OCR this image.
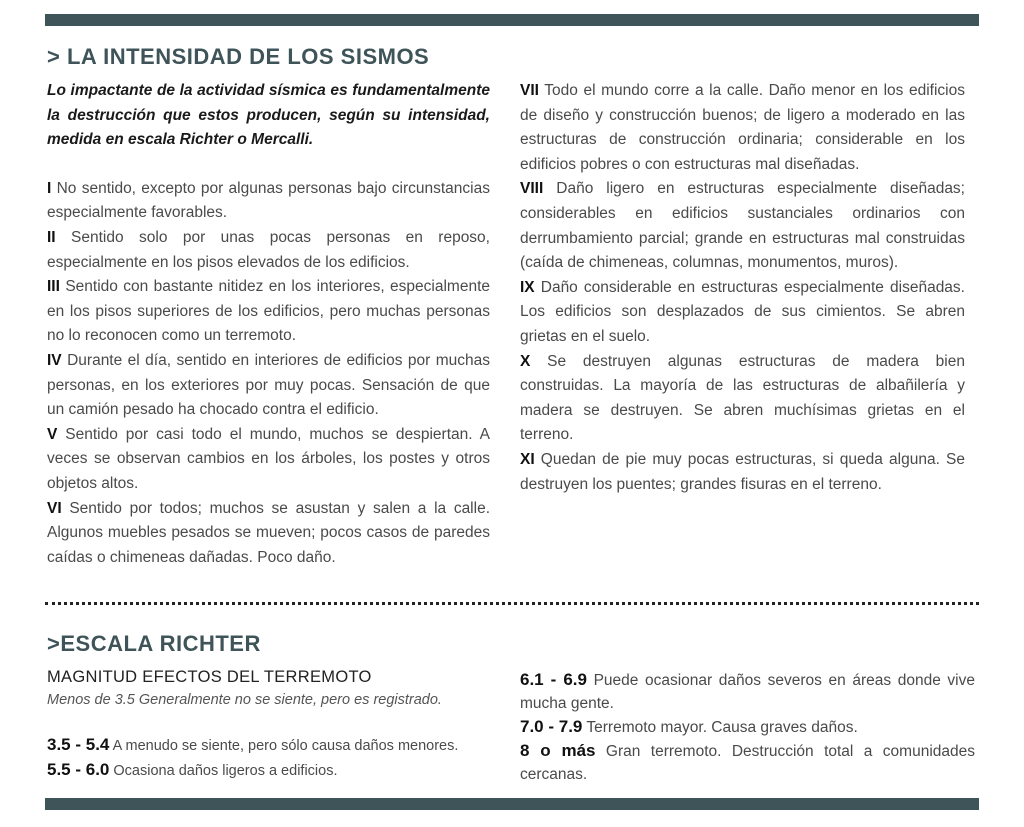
> LA INTENSIDAD DE LOS SISMOS

Lo impactante de la actividad sísmica es fundamentalmente la destrucción que estos producen, según su intensidad, medida en escala Richter o Mercalli.

I No sentido, excepto por algunas personas bajo circunstancias especialmente favorables.

II Sentido solo por unas pocas personas en reposo, especialmente en los pisos elevados de los edificios.

III Sentido con bastante nitidez en los interiores, especialmente en los pisos superiores de los edificios, pero muchas personas no lo reconocen como un terremoto.

IV Durante el día, sentido en interiores de edificios por muchas personas, en los exteriores por muy pocas. Sensación de que un camión pesado ha chocado contra el edificio.

V Sentido por casi todo el mundo, muchos se despiertan. A veces se observan cambios en los árboles, los postes y otros objetos altos.

VI Sentido por todos; muchos se asustan y salen a la calle. Algunos muebles pesados se mueven; pocos casos de paredes caídas o chimeneas dañadas. Poco daño.

VII Todo el mundo corre a la calle. Daño menor en los edificios de diseño y construcción buenos; de ligero a moderado en las estructuras de construcción ordinaria; considerable en los edificios pobres o con estructuras mal diseñadas.

VIII Daño ligero en estructuras especialmente diseñadas; considerables en edificios sustanciales ordinarios con derrumbamiento parcial; grande en estructuras mal construidas (caída de chimeneas, columnas, monumentos, muros).

IX Daño considerable en estructuras especialmente diseñadas. Los edificios son desplazados de sus cimientos. Se abren grietas en el suelo.

X Se destruyen algunas estructuras de madera bien construidas. La mayoría de las estructuras de albañilería y madera se destruyen. Se abren muchísimas grietas en el terreno.

XI Quedan de pie muy pocas estructuras, si queda alguna. Se destruyen los puentes; grandes fisuras en el terreno.

>ESCALA RICHTER

MAGNITUD EFECTOS DEL TERREMOTO

Menos de 3.5 Generalmente no se siente, pero es registrado.

3.5 - 5.4 A menudo se siente, pero sólo causa daños menores.

5.5 - 6.0 Ocasiona daños ligeros a edificios.

6.1 - 6.9 Puede ocasionar daños severos en áreas donde vive mucha gente.

7.0 - 7.9 Terremoto mayor. Causa graves daños.

8 o más Gran terremoto. Destrucción total a comunidades cercanas.
